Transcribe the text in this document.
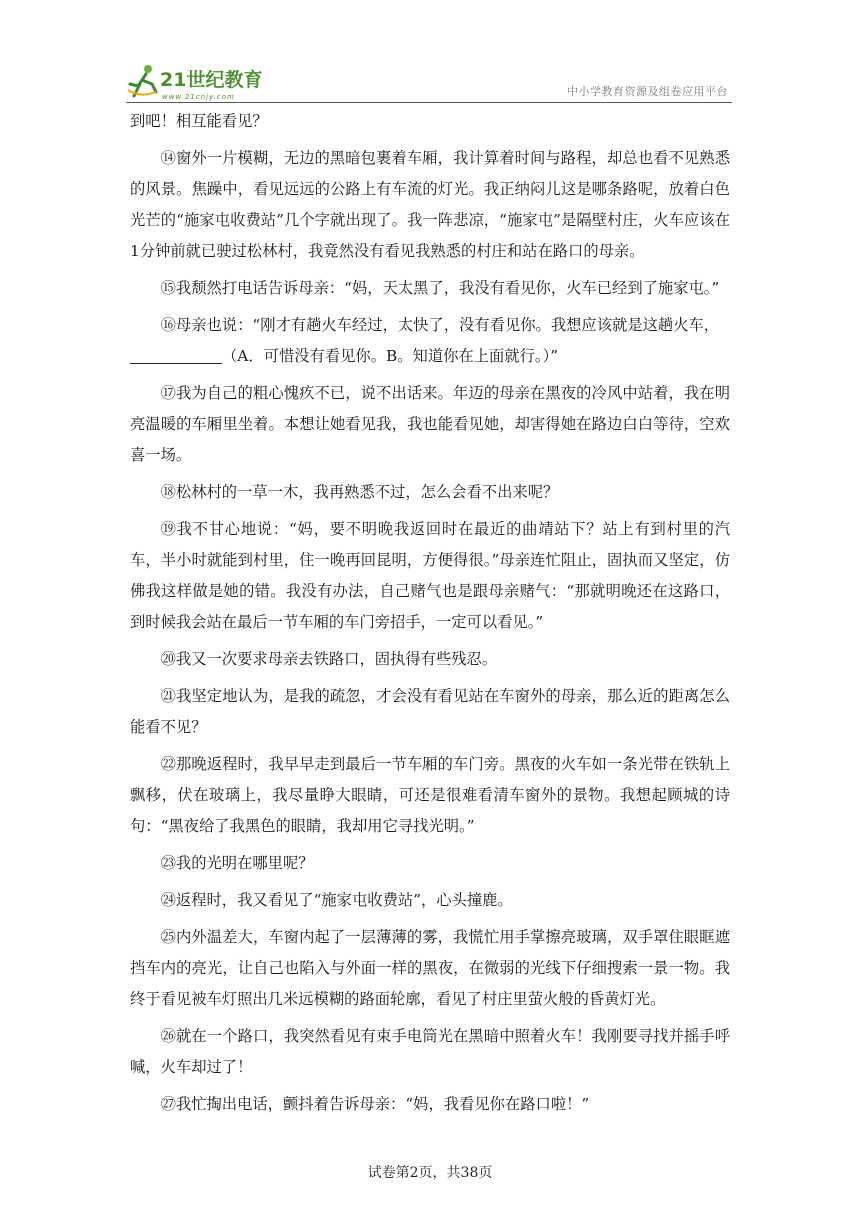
21世纪教育
www.21cnjy.com	中小学教育资源及组卷应用平台

到吧！相互能看见？

⑭窗外一片模糊，无边的黑暗包裹着车厢，我计算着时间与路程，却总也看不见熟悉的风景。焦躁中，看见远远的公路上有车流的灯光。我正纳闷儿这是哪条路呢，放着白色光芒的“施家屯收费站”几个字就出现了。我一阵悲凉，“施家屯”是隔壁村庄，火车应该在1分钟前就已驶过松林村，我竟然没有看见我熟悉的村庄和站在路口的母亲。

⑮我颓然打电话告诉母亲：“妈，天太黑了，我没有看见你，火车已经到了施家屯。”

⑯母亲也说：“刚才有趟火车经过，太快了，没有看见你。我想应该就是这趟火车，
（A．可惜没有看见你。B。知道你在上面就行。）”

⑰我为自己的粗心愧疚不已，说不出话来。年迈的母亲在黑夜的冷风中站着，我在明亮温暖的车厢里坐着。本想让她看见我，我也能看见她，却害得她在路边白白等待，空欢喜一场。

⑱松林村的一草一木，我再熟悉不过，怎么会看不出来呢？

⑲我不甘心地说：“妈，要不明晚我返回时在最近的曲靖站下？站上有到村里的汽车，半小时就能到村里，住一晚再回昆明，方便得很。”母亲连忙阻止，固执而又坚定，仿佛我这样做是她的错。我没有办法，自己赌气也是跟母亲赌气：“那就明晚还在这路口，到时候我会站在最后一节车厢的车门旁招手，一定可以看见。”

⑳我又一次要求母亲去铁路口，固执得有些残忍。

㉑我坚定地认为，是我的疏忽，才会没有看见站在车窗外的母亲，那么近的距离怎么能看不见？

㉒那晚返程时，我早早走到最后一节车厢的车门旁。黑夜的火车如一条光带在铁轨上飘移，伏在玻璃上，我尽量睁大眼睛，可还是很难看清车窗外的景物。我想起顾城的诗句：“黑夜给了我黑色的眼睛，我却用它寻找光明。”

㉓我的光明在哪里呢？

㉔返程时，我又看见了“施家屯收费站”，心头撞鹿。

㉕内外温差大，车窗内起了一层薄薄的雾，我慌忙用手掌擦亮玻璃，双手罩住眼眶遮挡车内的亮光，让自己也陷入与外面一样的黑夜，在微弱的光线下仔细搜索一景一物。我终于看见被车灯照出几米远模糊的路面轮廓，看见了村庄里萤火般的昏黄灯光。

㉖就在一个路口，我突然看见有束手电筒光在黑暗中照着火车！我刚要寻找并摇手呼喊，火车却过了！

㉗我忙掏出电话，颤抖着告诉母亲：“妈，我看见你在路口啦！”

试卷第2页，共38页
